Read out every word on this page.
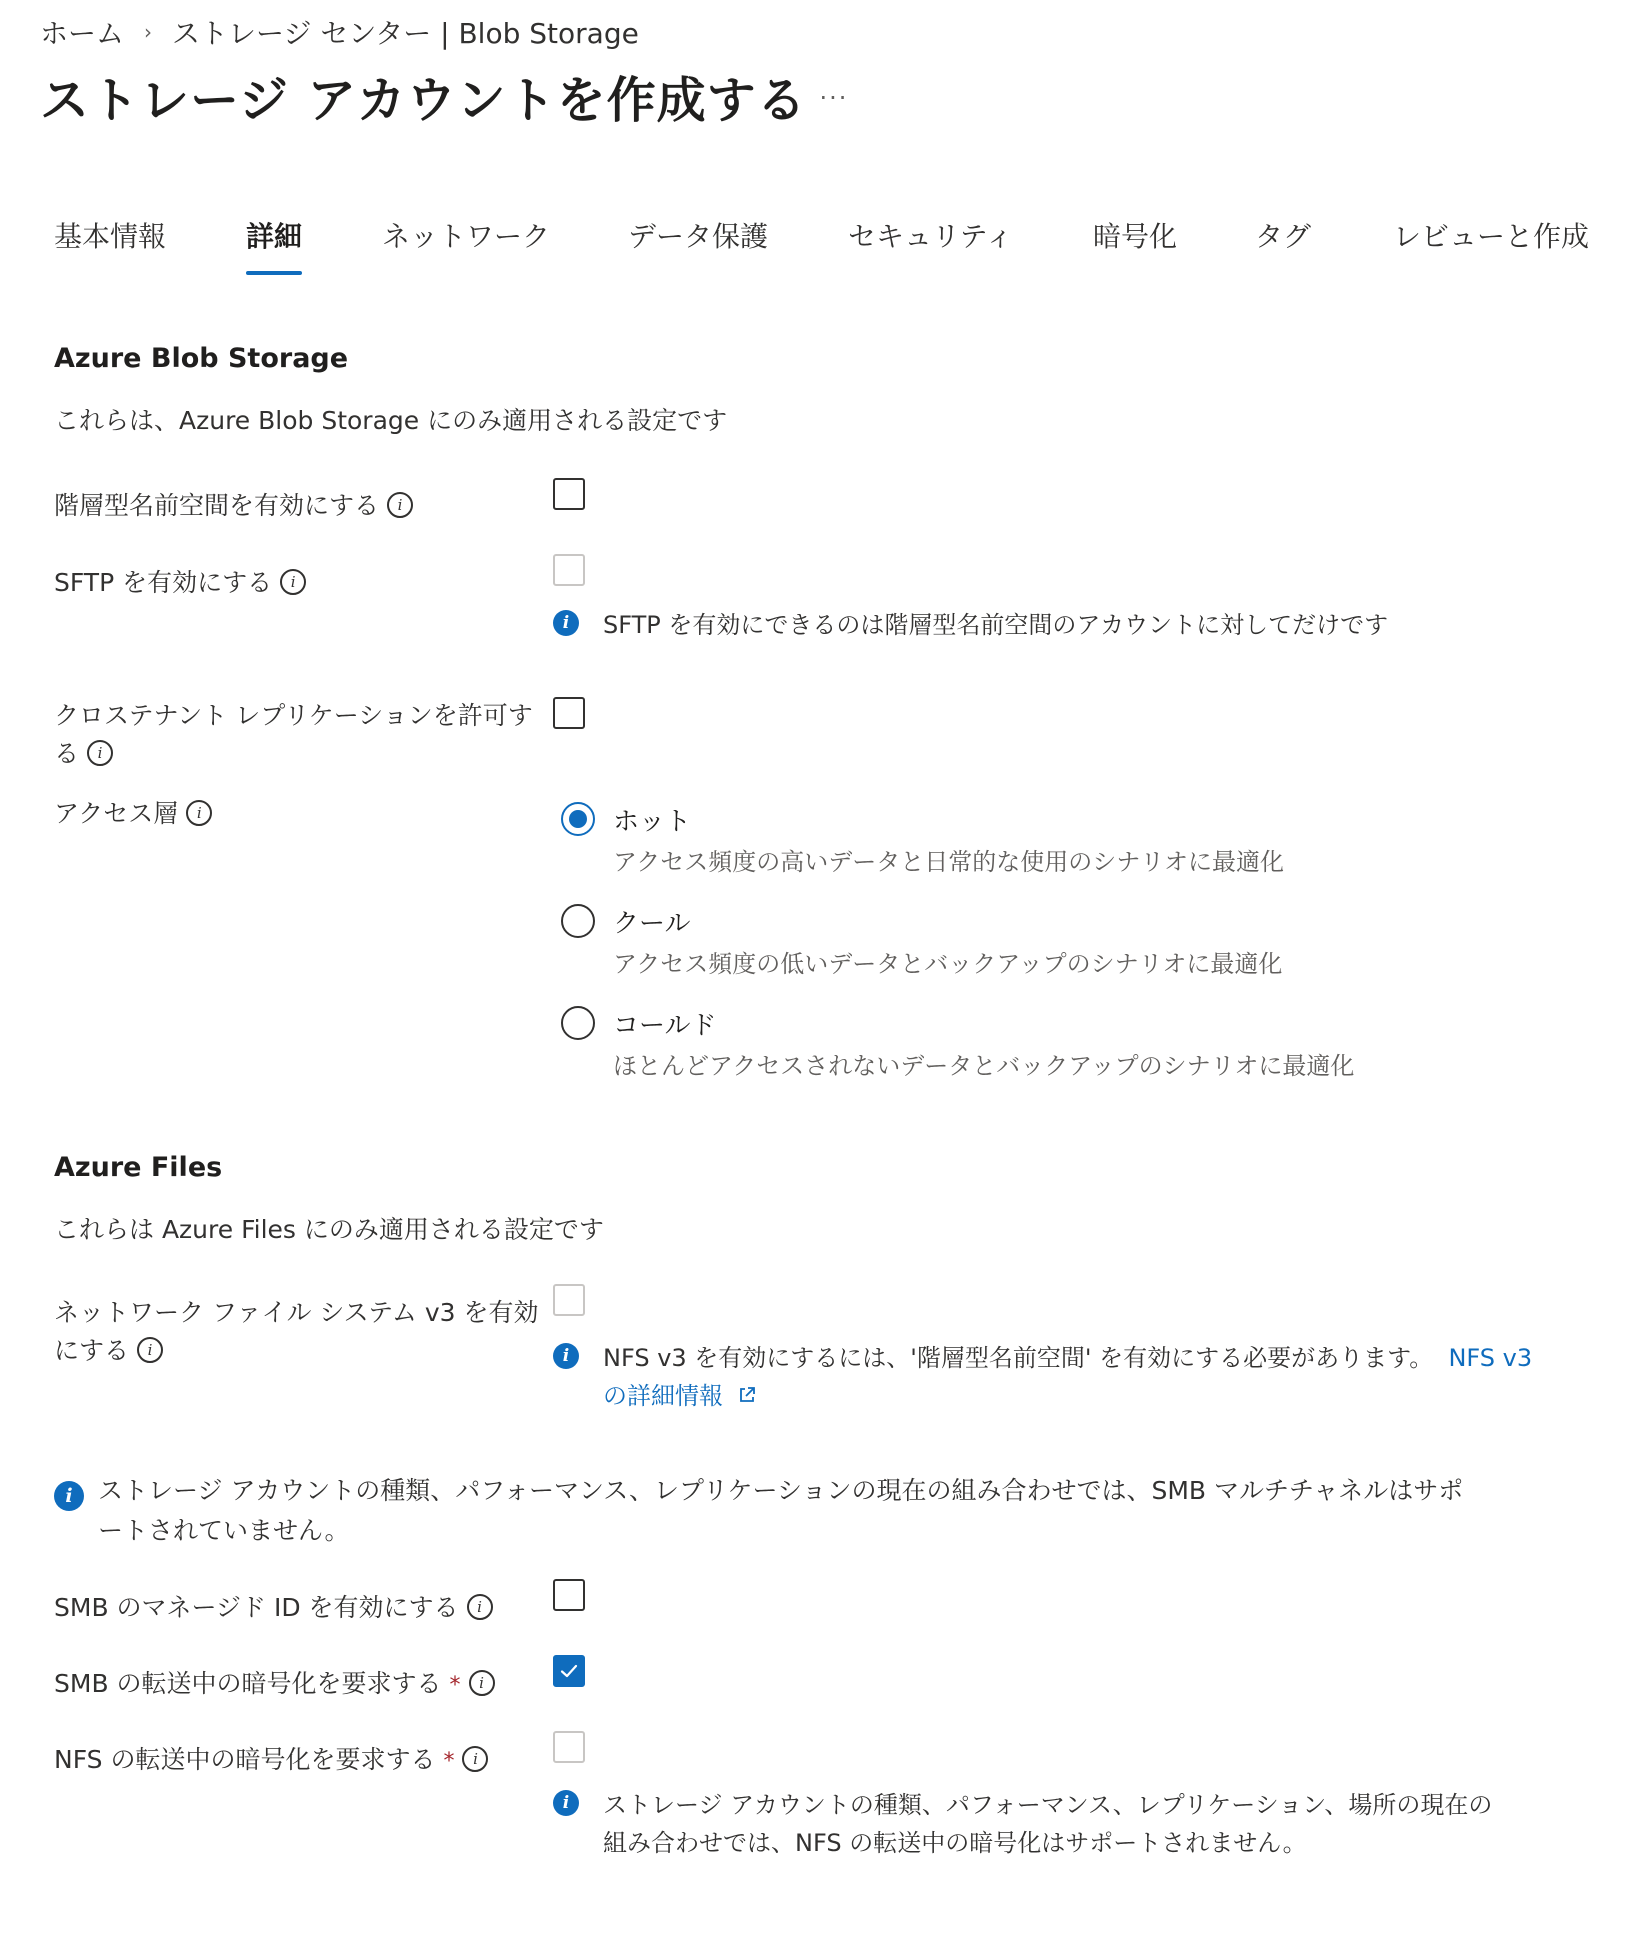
ホーム › ストレージ センター | Blob Storage
ストレージ アカウントを作成する ···
基本情報	詳細	ネットワーク	データ保護	セキュリティ	暗号化	タグ	レビューと作成
Azure Blob Storage
これらは、Azure Blob Storage にのみ適用される設定です
階層型名前空間を有効にする i
SFTP を有効にする i
i	SFTP を有効にできるのは階層型名前空間のアカウントに対してだけです
クロステナント レプリケーションを許可す
る i
アクセス層 i	ホット
アクセス頻度の高いデータと日常的な使用のシナリオに最適化
クール
アクセス頻度の低いデータとバックアップのシナリオに最適化
コールド
ほとんどアクセスされないデータとバックアップのシナリオに最適化
Azure Files
これらは Azure Files にのみ適用される設定です
ネットワーク ファイル システム v3 を有効
にする i	i	NFS v3 を有効にするには、'階層型名前空間' を有効にする必要があります。 NFS v3
の詳細情報
i	ストレージ アカウントの種類、パフォーマンス、レプリケーションの現在の組み合わせでは、SMB マルチチャネルはサポ
ートされていません。
SMB のマネージド ID を有効にする i
SMB の転送中の暗号化を要求する * i
NFS の転送中の暗号化を要求する * i
i	ストレージ アカウントの種類、パフォーマンス、レプリケーション、場所の現在の
組み合わせでは、NFS の転送中の暗号化はサポートされません。
